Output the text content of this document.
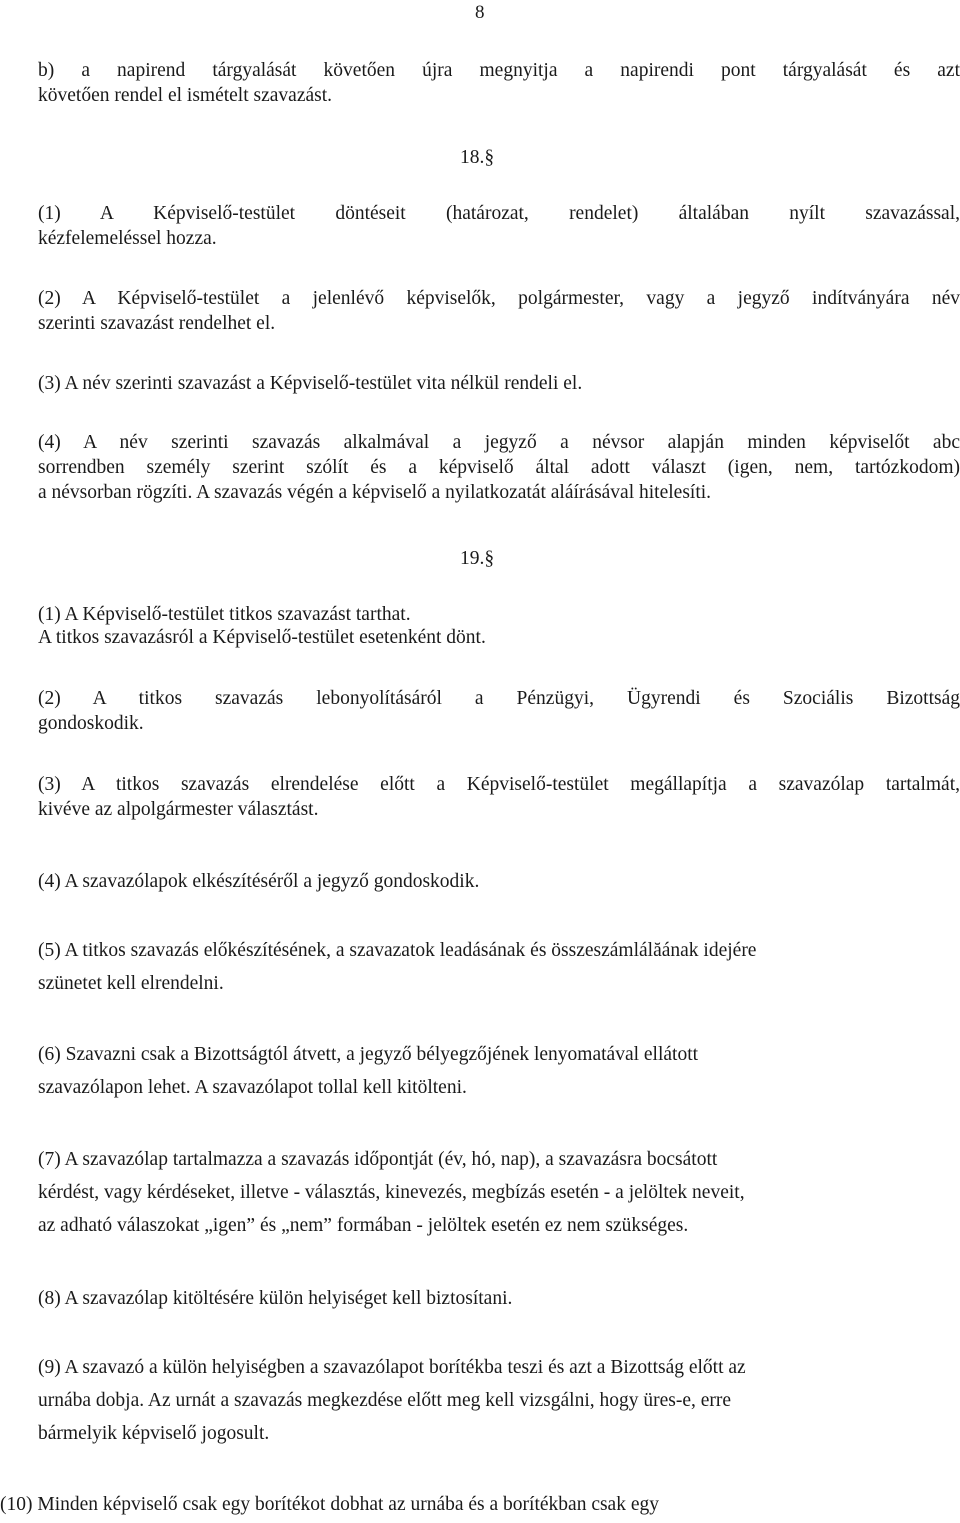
8
b) a napirend tárgyalását követően újra megnyitja a napirendi pont tárgyalását és azt
követően rendel el ismételt szavazást.
18.§
(1) A Képviselő-testület döntéseit (határozat, rendelet) általában nyílt szavazással,
kézfelemeléssel hozza.
(2) A Képviselő-testület a jelenlévő képviselők, polgármester, vagy a jegyző indítványára név
szerinti szavazást rendelhet el.
(3) A név szerinti szavazást a Képviselő-testület vita nélkül rendeli el.
(4) A név szerinti szavazás alkalmával a jegyző a névsor alapján minden képviselőt abc
sorrendben személy szerint szólít és a képviselő által adott választ (igen, nem, tartózkodom)
a névsorban rögzíti. A szavazás végén a képviselő a nyilatkozatát aláírásával hitelesíti.
19.§
(1) A Képviselő-testület titkos szavazást tarthat.
A titkos szavazásról a Képviselő-testület esetenként dönt.
(2) A titkos szavazás lebonyolításáról a Pénzügyi, Ügyrendi és Szociális Bizottság
gondoskodik.
(3) A titkos szavazás elrendelése előtt a Képviselő-testület megállapítja a szavazólap tartalmát,
kivéve az alpolgármester választást.
(4) A szavazólapok elkészítéséről a jegyző gondoskodik.
(5) A titkos szavazás előkészítésének, a szavazatok leadásának és összeszámlálăának idejére
szünetet kell elrendelni.
(6) Szavazni csak a Bizottságtól átvett, a jegyző bélyegzőjének lenyomatával ellátott
szavazólapon lehet. A szavazólapot tollal kell kitölteni.
(7) A szavazólap tartalmazza a szavazás időpontját (év, hó, nap), a szavazásra bocsátott
kérdést, vagy kérdéseket, illetve - választás, kinevezés, megbízás esetén - a jelöltek neveit,
az adható válaszokat „igen” és „nem” formában - jelöltek esetén ez nem szükséges.
(8) A szavazólap kitöltésére külön helyiséget kell biztosítani.
(9) A szavazó a külön helyiségben a szavazólapot borítékba teszi és azt a Bizottság előtt az
urnába dobja. Az urnát a szavazás megkezdése előtt meg kell vizsgálni, hogy üres-e, erre
bármelyik képviselő jogosult.
(10) Minden képviselő csak egy borítékot dobhat az urnába és a borítékban csak egy
